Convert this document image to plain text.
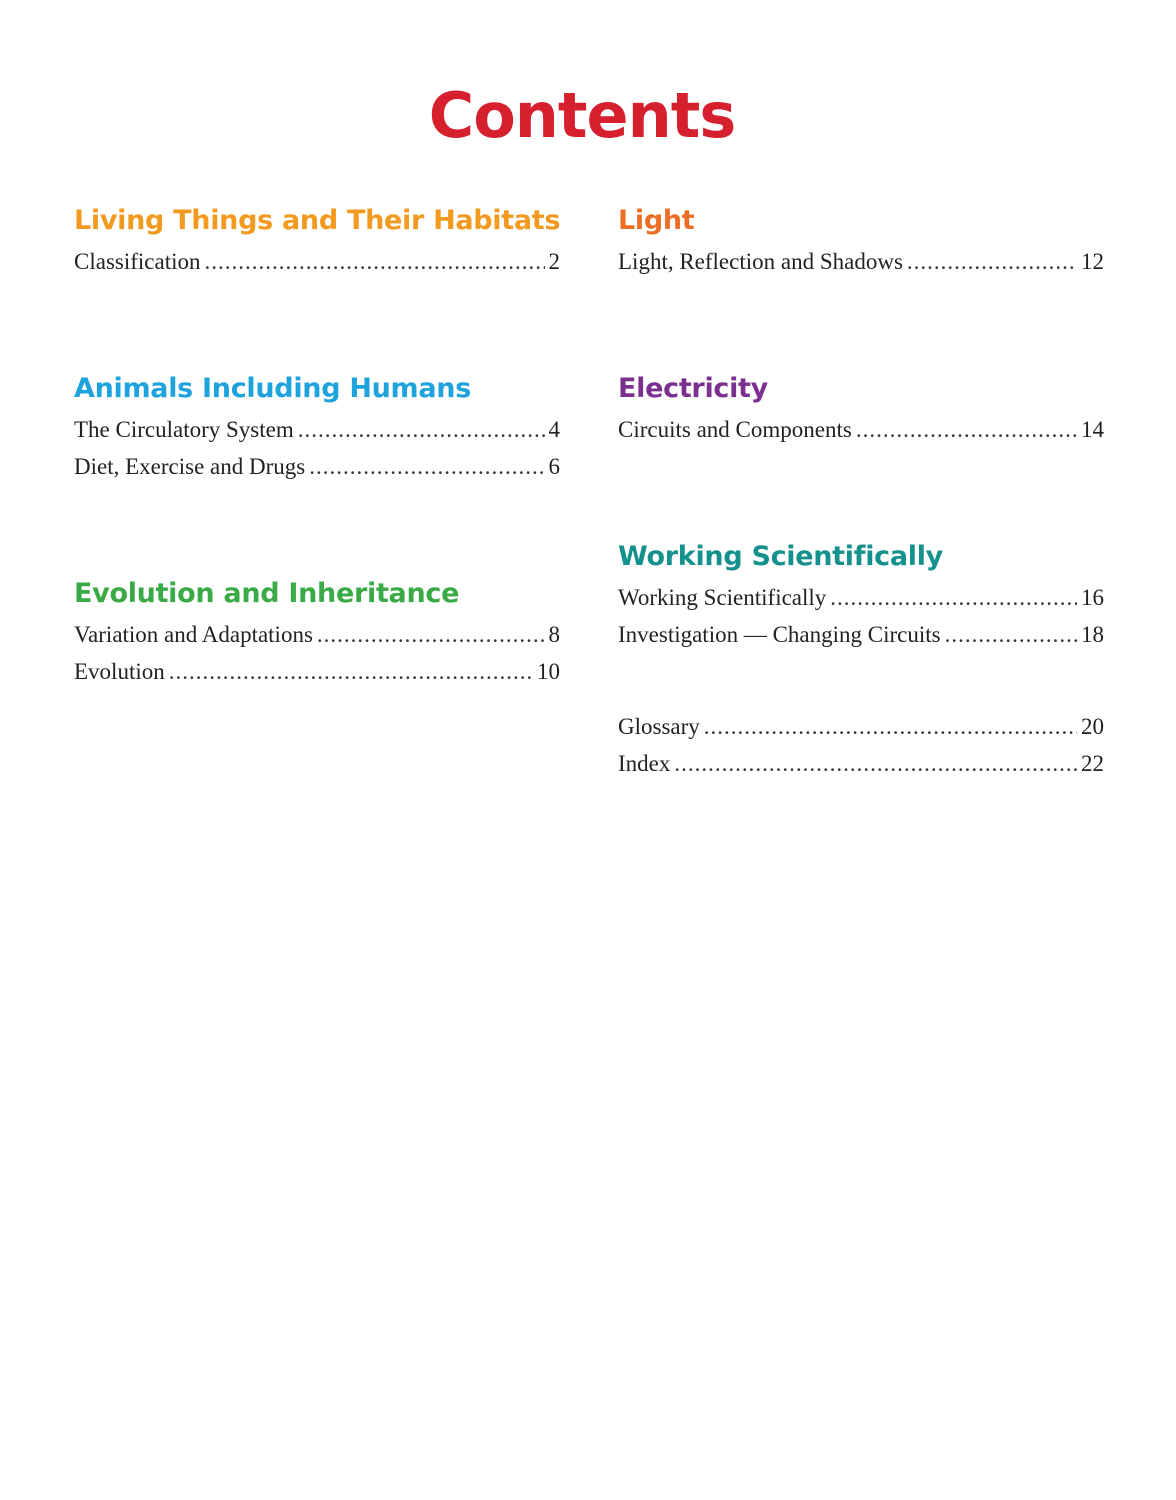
Contents
Living Things and Their Habitats
Classification .....	2
Animals Including Humans
The Circulatory System .....	4
Diet, Exercise and Drugs .....	6
Evolution and Inheritance
Variation and Adaptations .....	8
Evolution .....	10
Light
Light, Reflection and Shadows .....	12
Electricity
Circuits and Components .....	14
Working Scientifically
Working Scientifically .....	16
Investigation — Changing Circuits .....	18
Glossary .....	20
Index .....	22
